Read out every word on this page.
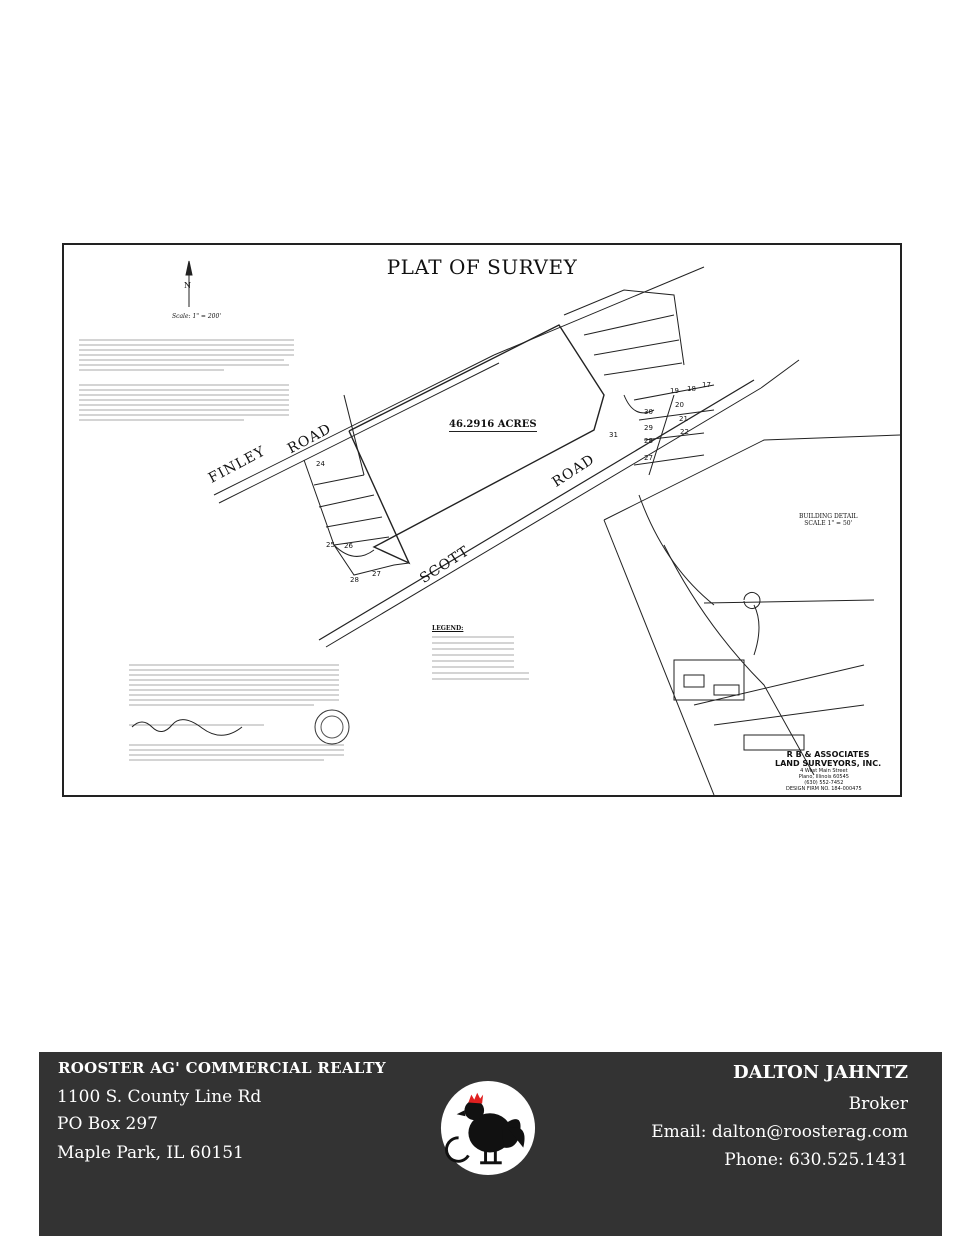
PLAT OF SURVEY
N
Scale: 1" = 200'
46.2916 ACRES
FINLEY
ROAD
SCOTT
ROAD
LEGEND:
BUILDING DETAIL
SCALE 1" = 50'
R B & ASSOCIATES
LAND SURVEYORS, INC.
4 West Main Street
Plano, Illinois 60545
(630) 552-7452
DESIGN FIRM NO. 184-000475
19 18 17
20
21
30
22
31
29
28
27
24
25 26
27
28
ROOSTER AG' COMMERCIAL REALTY
1100 S. County Line Rd
PO Box 297
Maple Park, IL 60151
DALTON JAHNTZ
Broker
Email: dalton@roosterag.com
Phone: 630.525.1431
